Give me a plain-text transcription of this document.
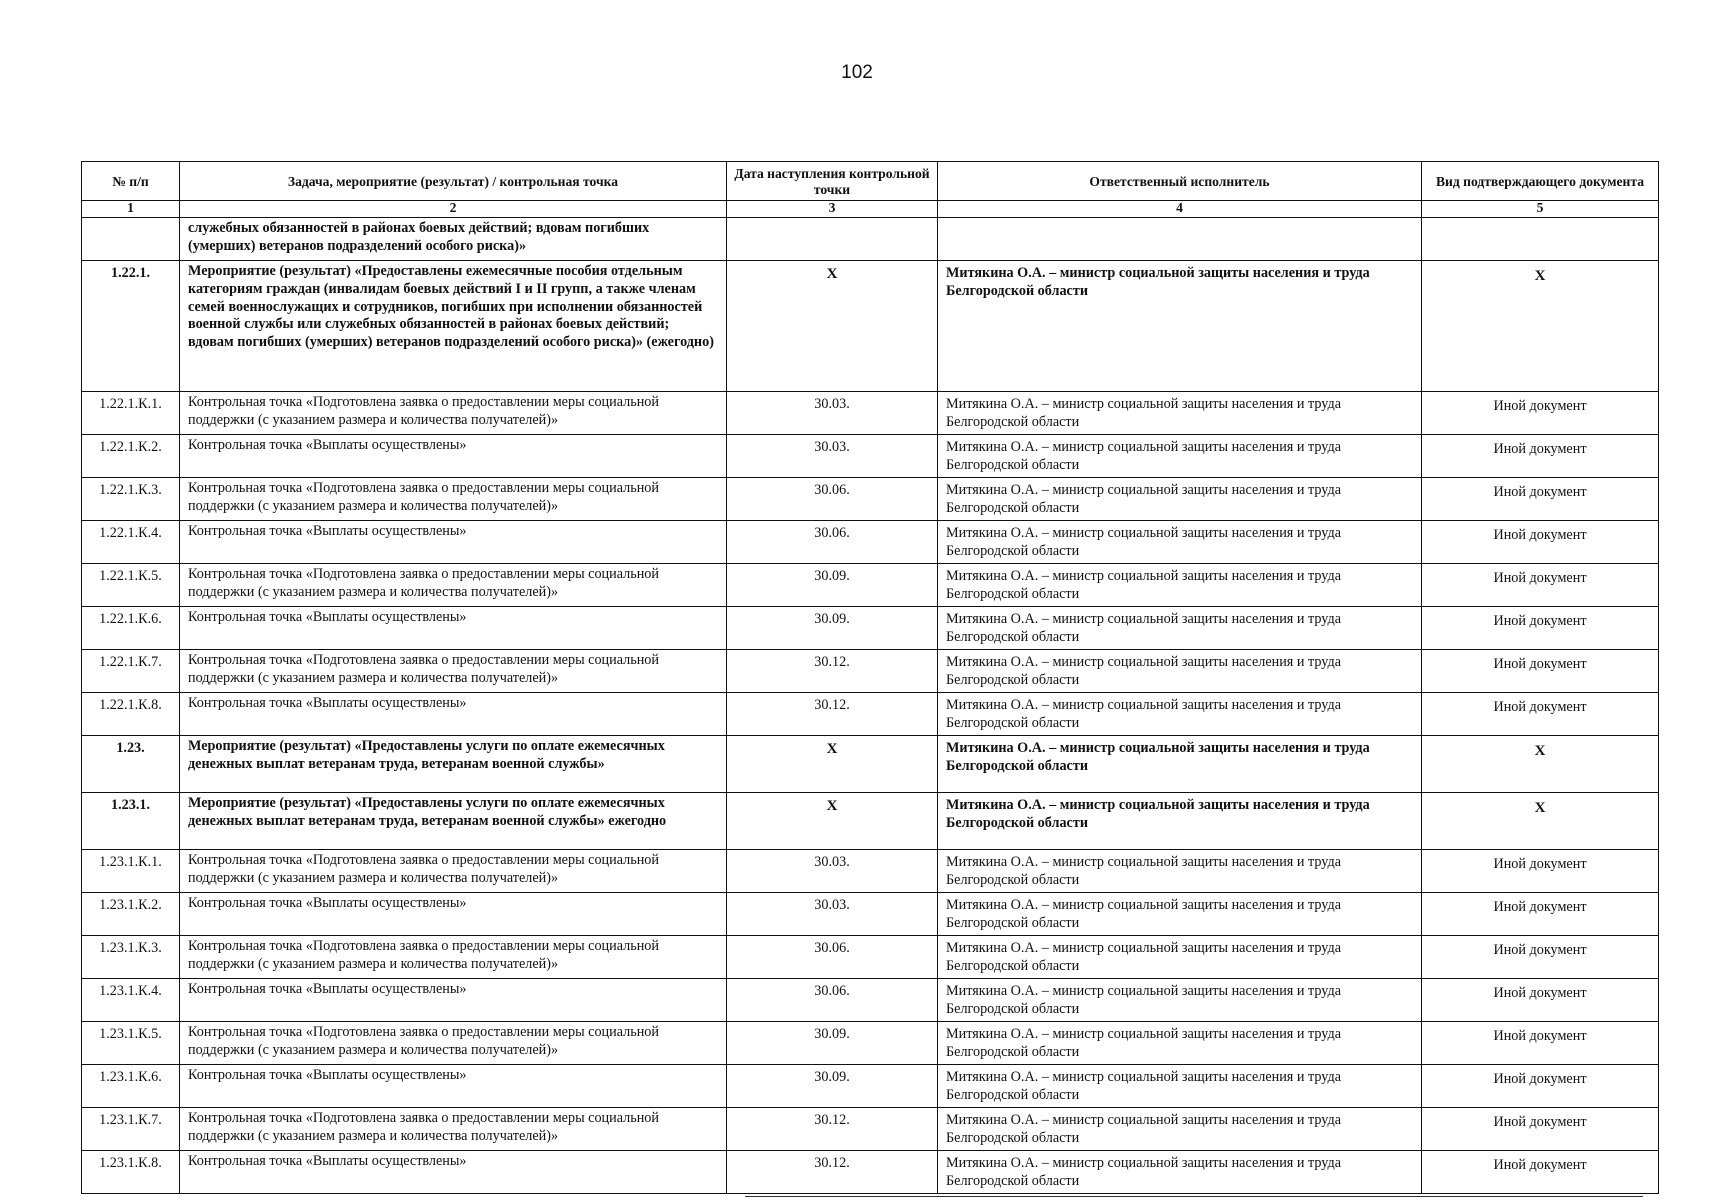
102
№ п/п	Задача, мероприятие (результат) / контрольная точка	Дата наступления контрольной точки	Ответственный исполнитель	Вид подтверждающего документа
1	2	3	4	5
	служебных обязанностей в районах боевых действий; вдовам погибших (умерших) ветеранов подразделений особого риска)»			
1.22.1.	Мероприятие (результат) «Предоставлены ежемесячные пособия отдельным категориям граждан (инвалидам боевых действий I и II групп, а также членам семей военнослужащих и сотрудников, погибших при исполнении обязанностей военной службы или служебных обязанностей в районах боевых действий; вдовам погибших (умерших) ветеранов подразделений особого риска)» (ежегодно)	X	Митякина О.А. – министр социальной защиты населения и труда Белгородской области	X
1.22.1.К.1.	Контрольная точка «Подготовлена заявка о предоставлении меры социальной поддержки (с указанием размера и количества получателей)»	30.03.	Митякина О.А. – министр социальной защиты населения и труда Белгородской области	Иной документ
1.22.1.К.2.	Контрольная точка «Выплаты осуществлены»	30.03.	Митякина О.А. – министр социальной защиты населения и труда Белгородской области	Иной документ
1.22.1.К.3.	Контрольная точка «Подготовлена заявка о предоставлении меры социальной поддержки (с указанием размера и количества получателей)»	30.06.	Митякина О.А. – министр социальной защиты населения и труда Белгородской области	Иной документ
1.22.1.К.4.	Контрольная точка «Выплаты осуществлены»	30.06.	Митякина О.А. – министр социальной защиты населения и труда Белгородской области	Иной документ
1.22.1.К.5.	Контрольная точка «Подготовлена заявка о предоставлении меры социальной поддержки (с указанием размера и количества получателей)»	30.09.	Митякина О.А. – министр социальной защиты населения и труда Белгородской области	Иной документ
1.22.1.К.6.	Контрольная точка «Выплаты осуществлены»	30.09.	Митякина О.А. – министр социальной защиты населения и труда Белгородской области	Иной документ
1.22.1.К.7.	Контрольная точка «Подготовлена заявка о предоставлении меры социальной поддержки (с указанием размера и количества получателей)»	30.12.	Митякина О.А. – министр социальной защиты населения и труда Белгородской области	Иной документ
1.22.1.К.8.	Контрольная точка «Выплаты осуществлены»	30.12.	Митякина О.А. – министр социальной защиты населения и труда Белгородской области	Иной документ
1.23.	Мероприятие (результат) «Предоставлены услуги по оплате ежемесячных денежных выплат ветеранам труда, ветеранам военной службы»	X	Митякина О.А. – министр социальной защиты населения и труда Белгородской области	X
1.23.1.	Мероприятие (результат) «Предоставлены услуги по оплате ежемесячных денежных выплат ветеранам труда, ветеранам военной службы» ежегодно	X	Митякина О.А. – министр социальной защиты населения и труда Белгородской области	X
1.23.1.К.1.	Контрольная точка «Подготовлена заявка о предоставлении меры социальной поддержки (с указанием размера и количества получателей)»	30.03.	Митякина О.А. – министр социальной защиты населения и труда Белгородской области	Иной документ
1.23.1.К.2.	Контрольная точка «Выплаты осуществлены»	30.03.	Митякина О.А. – министр социальной защиты населения и труда Белгородской области	Иной документ
1.23.1.К.3.	Контрольная точка «Подготовлена заявка о предоставлении меры социальной поддержки (с указанием размера и количества получателей)»	30.06.	Митякина О.А. – министр социальной защиты населения и труда Белгородской области	Иной документ
1.23.1.К.4.	Контрольная точка «Выплаты осуществлены»	30.06.	Митякина О.А. – министр социальной защиты населения и труда Белгородской области	Иной документ
1.23.1.К.5.	Контрольная точка «Подготовлена заявка о предоставлении меры социальной поддержки (с указанием размера и количества получателей)»	30.09.	Митякина О.А. – министр социальной защиты населения и труда Белгородской области	Иной документ
1.23.1.К.6.	Контрольная точка «Выплаты осуществлены»	30.09.	Митякина О.А. – министр социальной защиты населения и труда Белгородской области	Иной документ
1.23.1.К.7.	Контрольная точка «Подготовлена заявка о предоставлении меры социальной поддержки (с указанием размера и количества получателей)»	30.12.	Митякина О.А. – министр социальной защиты населения и труда Белгородской области	Иной документ
1.23.1.К.8.	Контрольная точка «Выплаты осуществлены»	30.12.	Митякина О.А. – министр социальной защиты населения и труда Белгородской области	Иной документ
